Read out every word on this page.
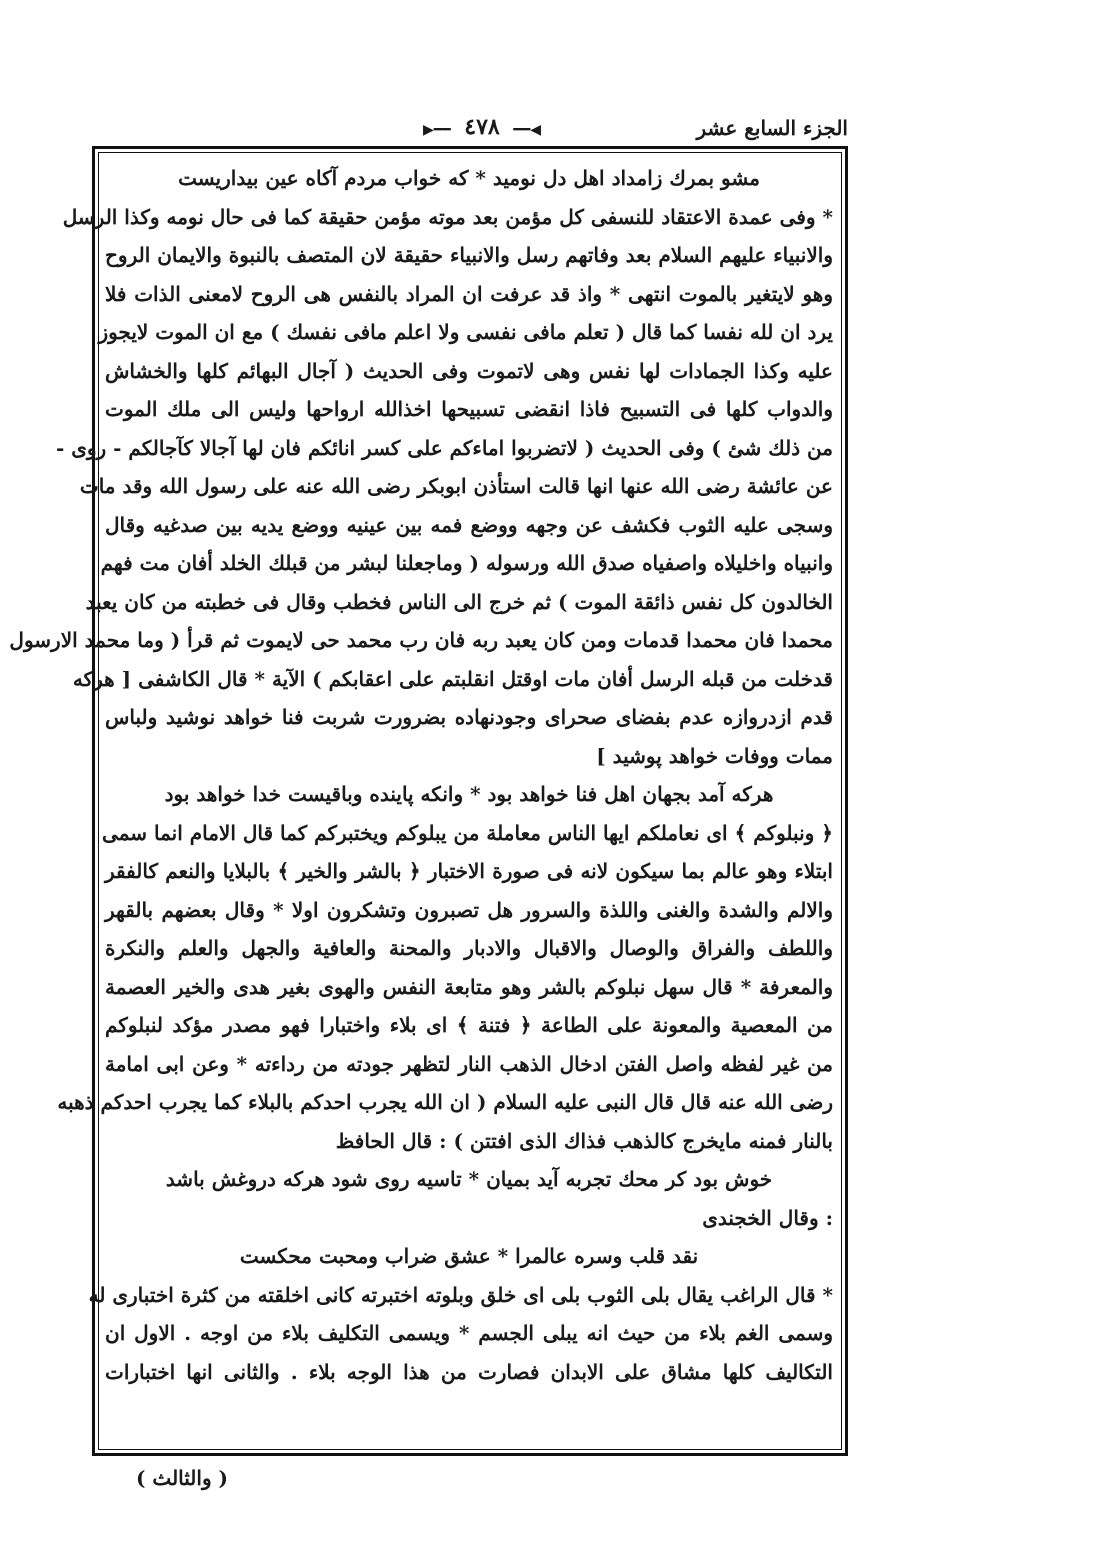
الجزء السابع عشر
◀━━ ٤٧٨ ━━▶
مشو بمرك زامداد اهل دل نوميد * كه خواب مردم آكاه عين بيداريست
* وفى عمدة الاعتقاد للنسفى كل مؤمن بعد موته مؤمن حقيقة كما فى حال نومه وكذا الرسل
والانبياء عليهم السلام بعد وفاتهم رسل والانبياء حقيقة لان المتصف بالنبوة والايمان الروح
وهو لايتغير بالموت انتهى * واذ قد عرفت ان المراد بالنفس هى الروح لامعنى الذات فلا
يرد ان لله نفسا كما قال ( تعلم مافى نفسى ولا اعلم مافى نفسك ) مع ان الموت لايجوز
عليه وكذا الجمادات لها نفس وهى لاتموت وفى الحديث ( آجال البهائم كلها والخشاش
والدواب كلها فى التسبيح فاذا انقضى تسبيحها اخذالله ارواحها وليس الى ملك الموت
من ذلك شئ ) وفى الحديث ( لاتضربوا اماءكم على كسر انائكم فان لها آجالا كآجالكم - روى -
عن عائشة رضى الله عنها انها قالت استأذن ابوبكر رضى الله عنه على رسول الله وقد مات
وسجى عليه الثوب فكشف عن وجهه ووضع فمه بين عينيه ووضع يديه بين صدغيه وقال
وانبياه واخليلاه واصفياه صدق الله ورسوله ( وماجعلنا لبشر من قبلك الخلد أفان مت فهم
الخالدون كل نفس ذائقة الموت ) ثم خرج الى الناس فخطب وقال فى خطبته من كان يعبد
محمدا فان محمدا قدمات ومن كان يعبد ربه فان رب محمد حى لايموت ثم قرأ ( وما محمد الارسول
قدخلت من قبله الرسل أفان مات اوقتل انقلبتم على اعقابكم ) الآية * قال الكاشفى [ هركه
قدم ازدروازه عدم بفضاى صحراى وجودنهاده بضرورت شربت فنا خواهد نوشيد ولباس
ممات ووفات خواهد پوشيد ]
هركه آمد بجهان اهل فنا خواهد بود * وانكه پاينده وباقيست خدا خواهد بود
﴿ ونبلوكم ﴾ اى نعاملكم ايها الناس معاملة من يبلوكم ويختبركم كما قال الامام انما سمى
ابتلاء وهو عالم بما سيكون لانه فى صورة الاختبار ﴿ بالشر والخير ﴾ بالبلايا والنعم كالفقر
والالم والشدة والغنى واللذة والسرور هل تصبرون وتشكرون اولا * وقال بعضهم بالقهر
واللطف والفراق والوصال والاقبال والادبار والمحنة والعافية والجهل والعلم والنكرة
والمعرفة * قال سهل نبلوكم بالشر وهو متابعة النفس والهوى بغير هدى والخير العصمة
من المعصية والمعونة على الطاعة ﴿ فتنة ﴾ اى بلاء واختبارا فهو مصدر مؤكد لنبلوكم
من غير لفظه واصل الفتن ادخال الذهب النار لتظهر جودته من رداءته * وعن ابى امامة
رضى الله عنه قال قال النبى عليه السلام ( ان الله يجرب احدكم بالبلاء كما يجرب احدكم ذهبه
بالنار فمنه مايخرج كالذهب فذاك الذى افتتن ) : قال الحافظ
خوش بود كر محك تجربه آيد بميان * تاسيه روى شود هركه دروغش باشد
: وقال الخجندى
نقد قلب وسره عالمرا * عشق ضراب ومحبت محكست
* قال الراغب يقال بلى الثوب بلى اى خلق وبلوته اختبرته كانى اخلقته من كثرة اختبارى له
وسمى الغم بلاء من حيث انه يبلى الجسم * ويسمى التكليف بلاء من اوجه . الاول ان
التكاليف كلها مشاق على الابدان فصارت من هذا الوجه بلاء . والثانى انها اختبارات
( والثالث )
